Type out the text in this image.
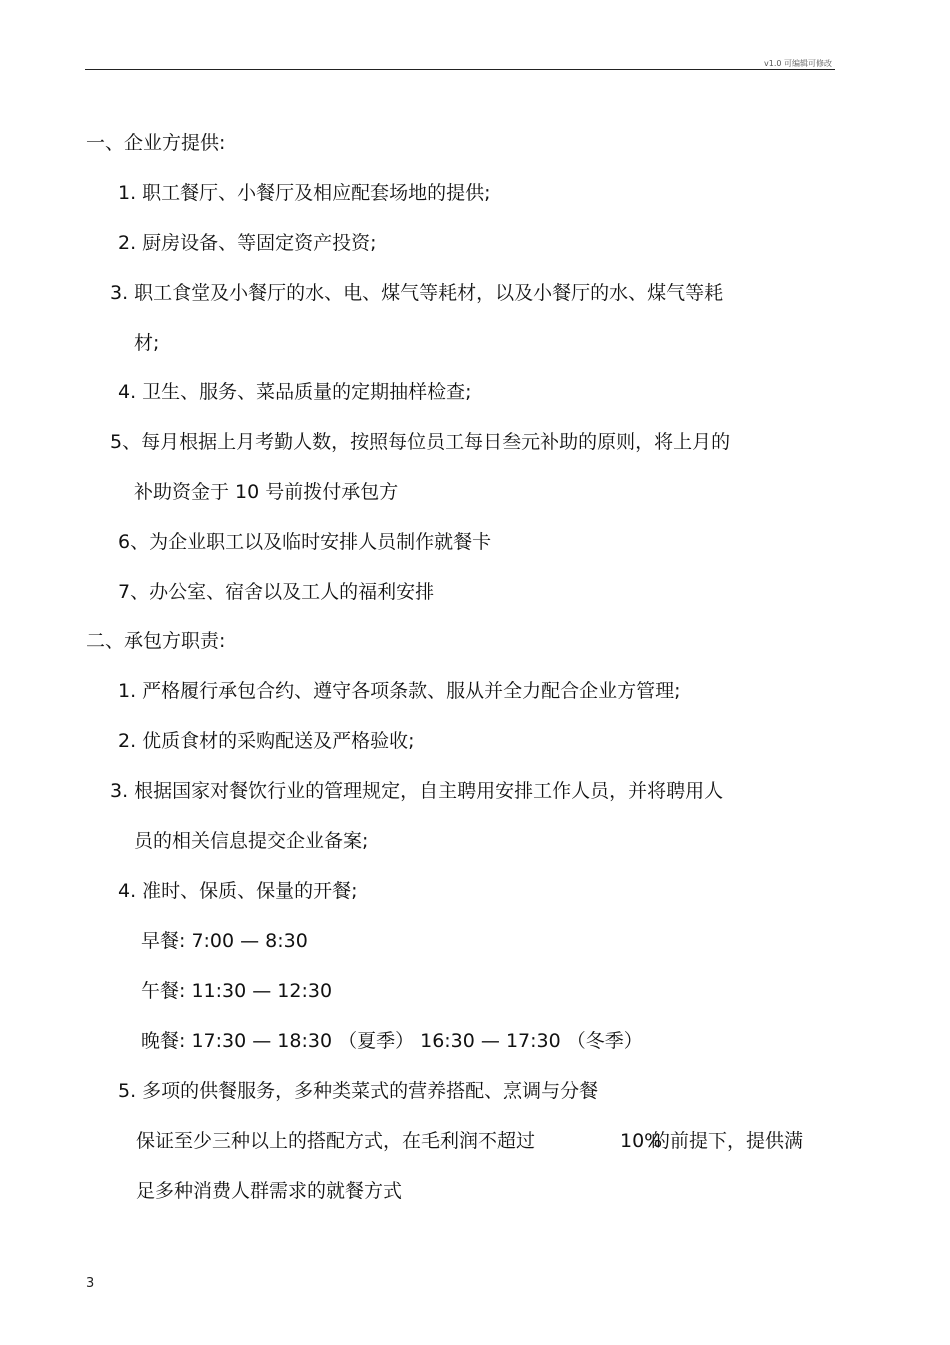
v1.0 可编辑可修改
一、企业方提供:
1. 职工餐厅、小餐厅及相应配套场地的提供;
2. 厨房设备、等固定资产投资;
3. 职工食堂及小餐厅的水、电、煤气等耗材，以及小餐厅的水、煤气等耗
材;
4. 卫生、服务、菜品质量的定期抽样检查;
5、每月根据上月考勤人数，按照每位员工每日叁元补助的原则，将上月的
补助资金于 10 号前拨付承包方
6、为企业职工以及临时安排人员制作就餐卡
7、办公室、宿舍以及工人的福利安排
二、承包方职责:
1. 严格履行承包合约、遵守各项条款、服从并全力配合企业方管理;
2. 优质食材的采购配送及严格验收;
3. 根据国家对餐饮行业的管理规定，自主聘用安排工作人员，并将聘用人
员的相关信息提交企业备案;
4. 准时、保质、保量的开餐;
早餐: 7:00 — 8:30
午餐: 11:30 — 12:30
晚餐: 17:30 — 18:30 （夏季） 16:30 — 17:30 （冬季）
5. 多项的供餐服务，多种类菜式的营养搭配、烹调与分餐
保证至少三种以上的搭配方式，在毛利润不超过	10%
的前提下，提供满
足多种消费人群需求的就餐方式
3
